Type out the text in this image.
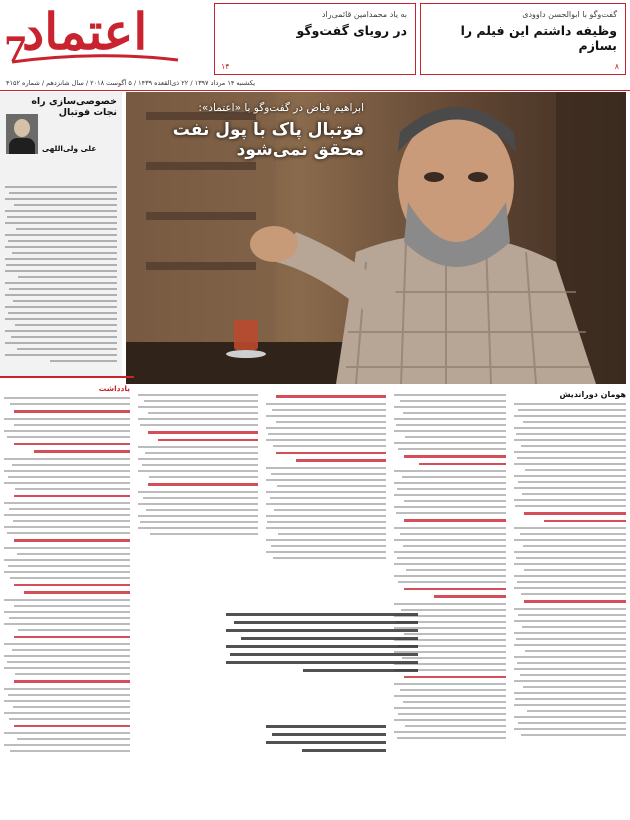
گفت‌وگو با ابوالحسن داوودی
وظیفه داشتم این فیلم را بسازم
۸
به یاد محمدامین قائمی‌راد
در رویای گفت‌وگو
۱۴
اعتماد
7
یکشنبه ۱۴ مرداد ۱۳۹۷ / ۲۲ ذی‌القعده ۱۴۳۹ / ۵ آگوست ۲۰۱۸ / سال شانزدهم / شماره ۴۱۵۲
خصوصی‌سازی راه نجات فوتبال
علی ولی‌اللهی
ابراهیم فیاض در گفت‌وگو با «اعتماد»:
فوتبال پاک با پول نفت محقق نمی‌شود
هومان دوراندیش
یادداشت
